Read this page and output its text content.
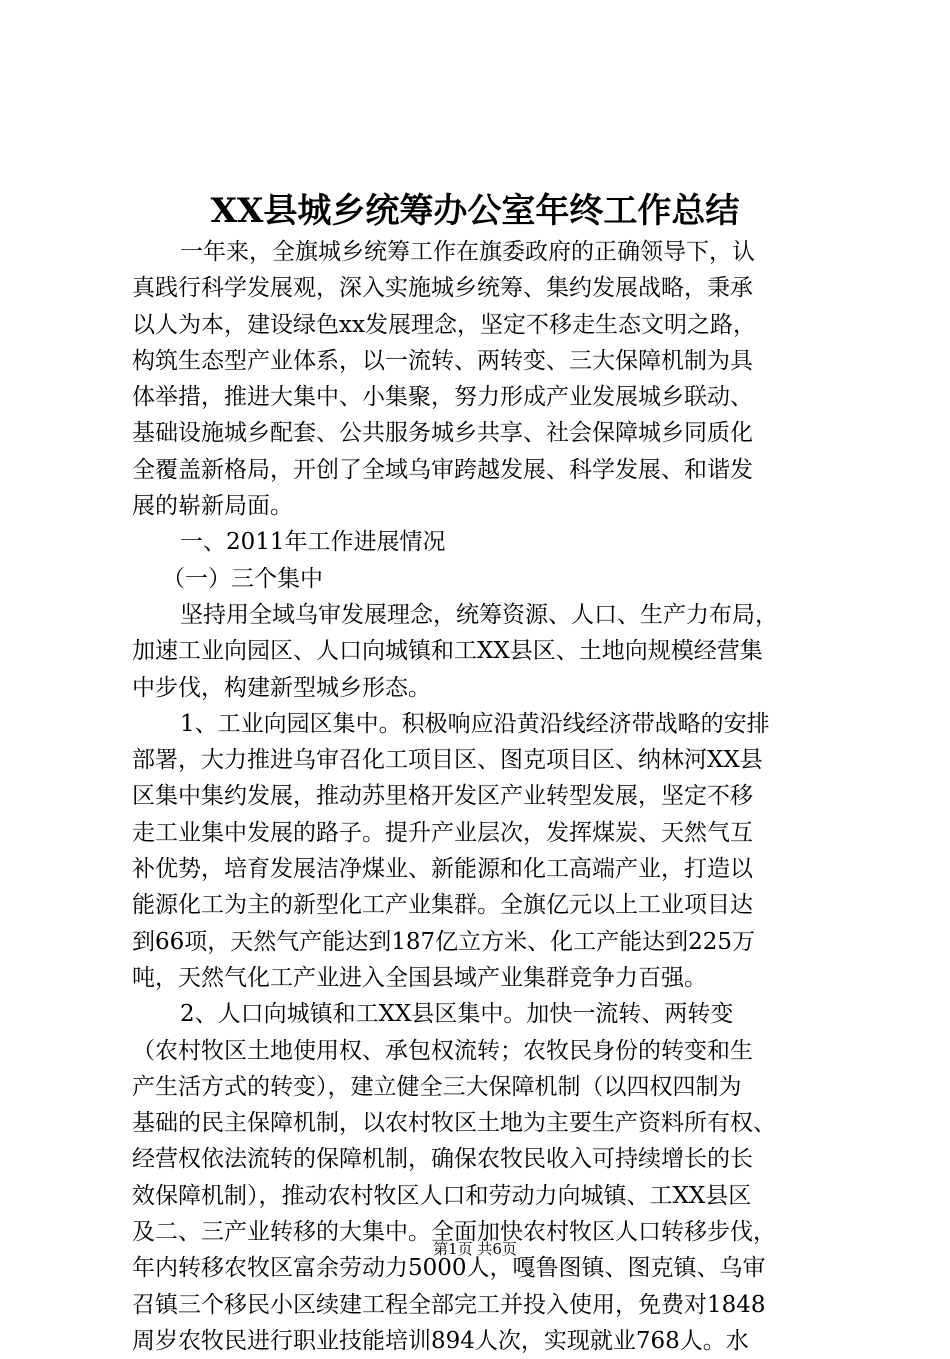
XX县城乡统筹办公室年终工作总结
一年来，全旗城乡统筹工作在旗委政府的正确领导下，认
真践行科学发展观，深入实施城乡统筹、集约发展战略，秉承
以人为本，建设绿色xx发展理念，坚定不移走生态文明之路，
构筑生态型产业体系，以一流转、两转变、三大保障机制为具
体举措，推进大集中、小集聚，努力形成产业发展城乡联动、
基础设施城乡配套、公共服务城乡共享、社会保障城乡同质化
全覆盖新格局，开创了全域乌审跨越发展、科学发展、和谐发
展的崭新局面。
一、2011年工作进展情况
（一）三个集中
坚持用全域乌审发展理念，统筹资源、人口、生产力布局，
加速工业向园区、人口向城镇和工XX县区、土地向规模经营集
中步伐，构建新型城乡形态。
1、工业向园区集中。积极响应沿黄沿线经济带战略的安排
部署，大力推进乌审召化工项目区、图克项目区、纳林河XX县
区集中集约发展，推动苏里格开发区产业转型发展，坚定不移
走工业集中发展的路子。提升产业层次，发挥煤炭、天然气互
补优势，培育发展洁净煤业、新能源和化工高端产业，打造以
能源化工为主的新型化工产业集群。全旗亿元以上工业项目达
到66项，天然气产能达到187亿立方米、化工产能达到225万
吨，天然气化工产业进入全国县域产业集群竞争力百强。
2、人口向城镇和工XX县区集中。加快一流转、两转变
（农村牧区土地使用权、承包权流转；农牧民身份的转变和生
产生活方式的转变），建立健全三大保障机制（以四权四制为
基础的民主保障机制，以农村牧区土地为主要生产资料所有权、
经营权依法流转的保障机制，确保农牧民收入可持续增长的长
效保障机制），推动农村牧区人口和劳动力向城镇、工XX县区
及二、三产业转移的大集中。全面加快农村牧区人口转移步伐，
年内转移农牧区富余劳动力5000人，嘎鲁图镇、图克镇、乌审
召镇三个移民小区续建工程全部完工并投入使用，免费对1848
周岁农牧民进行职业技能培训894人次，实现就业768人。水
第1页 共6页
